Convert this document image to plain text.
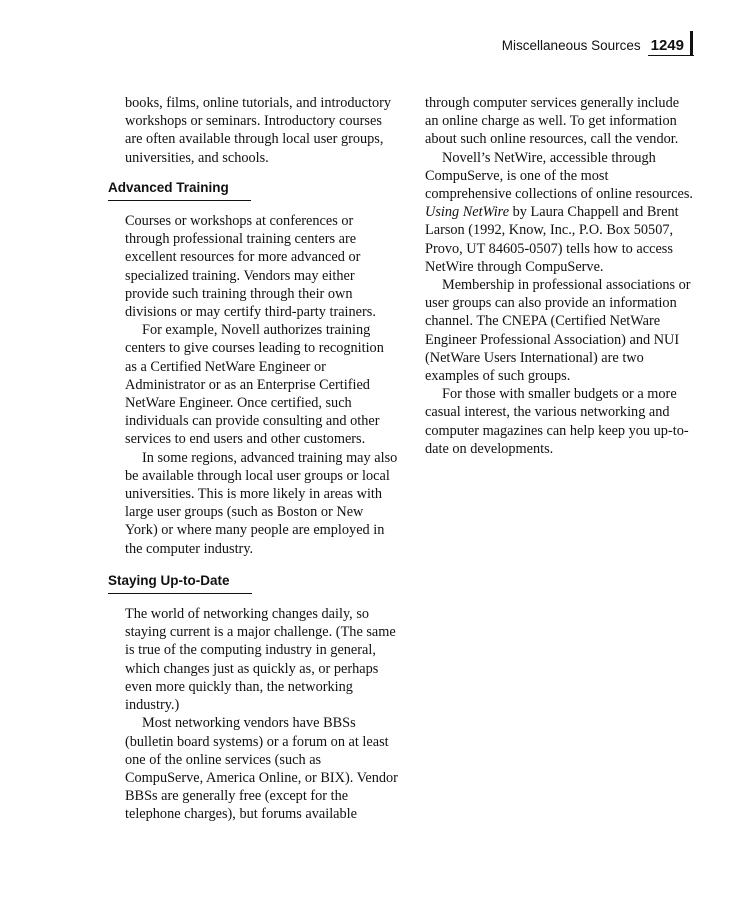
Miscellaneous Sources 1249

books, films, online tutorials, and introductory workshops or seminars. Introductory courses are often available through local user groups, universities, and schools.

Advanced Training

Courses or workshops at conferences or through professional training centers are excellent resources for more advanced or specialized training. Vendors may either provide such training through their own divisions or may certify third-party trainers.

For example, Novell authorizes training centers to give courses leading to recognition as a Certified NetWare Engineer or Administrator or as an Enterprise Certified NetWare Engineer. Once certified, such individuals can provide consulting and other services to end users and other customers.

In some regions, advanced training may also be available through local user groups or local universities. This is more likely in areas with large user groups (such as Boston or New York) or where many people are employed in the computer industry.

Staying Up-to-Date

The world of networking changes daily, so staying current is a major challenge. (The same is true of the computing industry in general, which changes just as quickly as, or perhaps even more quickly than, the networking industry.)

Most networking vendors have BBSs (bulletin board systems) or a forum on at least one of the online services (such as CompuServe, America Online, or BIX). Vendor BBSs are generally free (except for the telephone charges), but forums available

through computer services generally include an online charge as well. To get information about such online resources, call the vendor.

Novell’s NetWire, accessible through CompuServe, is one of the most comprehensive collections of online resources. Using NetWire by Laura Chappell and Brent Larson (1992, Know, Inc., P.O. Box 50507, Provo, UT 84605-0507) tells how to access NetWire through CompuServe.

Membership in professional associations or user groups can also provide an information channel. The CNEPA (Certified NetWare Engineer Professional Association) and NUI (NetWare Users International) are two examples of such groups.

For those with smaller budgets or a more casual interest, the various networking and computer magazines can help keep you up-to-date on developments.
